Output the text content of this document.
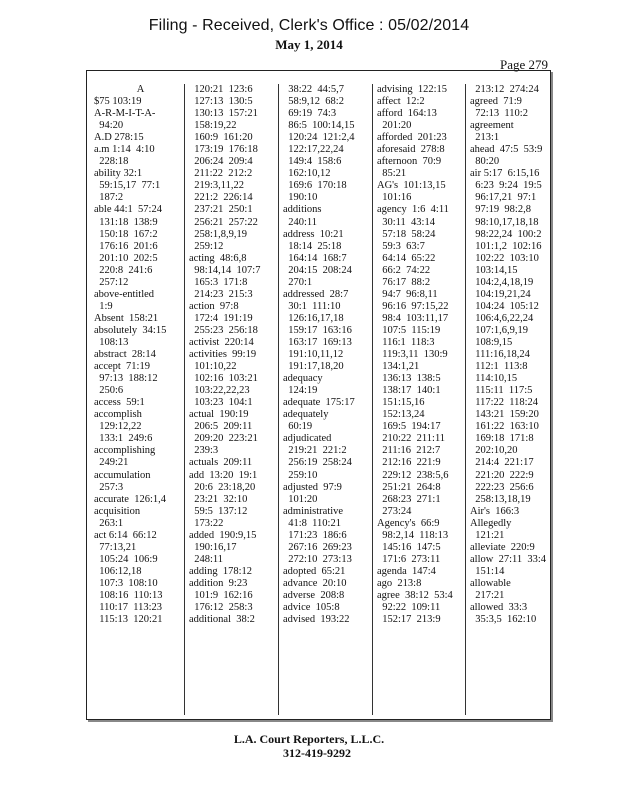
Filing - Received, Clerk's Office : 05/02/2014
May 1, 2014
Page 279
A
$75 103:19
A-R-M-I-T-A-
94:20
A.D 278:15
a.m 1:14  4:10
228:18
ability 32:1
59:15,17  77:1
187:2
able 44:1  57:24
131:18  138:9
150:18  167:2
176:16  201:6
201:10  202:5
220:8  241:6
257:12
above-entitled
1:9
Absent  158:21
absolutely  34:15
108:13
abstract  28:14
accept  71:19
97:13  188:12
250:6
access  59:1
accomplish
129:12,22
133:1  249:6
accomplishing
249:21
accumulation
257:3
accurate  126:1,4
acquisition
263:1
act 6:14  66:12
77:13,21
105:24  106:9
106:12,18
107:3  108:10
108:16  110:13
110:17  113:23
115:13  120:21
120:21  123:6
127:13  130:5
130:13  157:21
158:19,22
160:9  161:20
173:19  176:18
206:24  209:4
211:22  212:2
219:3,11,22
221:2  226:14
237:21  250:1
256:21  257:22
258:1,8,9,19
259:12
acting  48:6,8
98:14,14  107:7
165:3  171:8
214:23  215:3
action  97:8
172:4  191:19
255:23  256:18
activist  220:14
activities  99:19
101:10,22
102:16  103:21
103:22,22,23
103:23  104:1
actual  190:19
206:5  209:11
209:20  223:21
239:3
actuals  209:11
add  13:20  19:1
20:6  23:18,20
23:21  32:10
59:5  137:12
173:22
added  190:9,15
190:16,17
248:11
adding  178:12
addition  9:23
101:9  162:16
176:12  258:3
additional  38:2
38:22  44:5,7
58:9,12  68:2
69:19  74:3
86:5  100:14,15
120:24  121:2,4
122:17,22,24
149:4  158:6
162:10,12
169:6  170:18
190:10
additions
240:11
address  10:21
18:14  25:18
164:14  168:7
204:15  208:24
270:1
addressed  28:7
30:1  111:10
126:16,17,18
159:17  163:16
163:17  169:13
191:10,11,12
191:17,18,20
adequacy
124:19
adequate  175:17
adequately
60:19
adjudicated
219:21  221:2
256:19  258:24
259:10
adjusted  97:9
101:20
administrative
41:8  110:21
171:23  186:6
267:16  269:23
272:10  273:13
adopted  65:21
advance  20:10
adverse  208:8
advice  105:8
advised  193:22
advising  122:15
affect  12:2
afford  164:13
201:20
afforded  201:23
aforesaid  278:8
afternoon  70:9
85:21
AG's  101:13,15
101:16
agency  1:6  4:11
30:11  43:14
57:18  58:24
59:3  63:7
64:14  65:22
66:2  74:22
76:17  88:2
94:7  96:8,11
96:16  97:15,22
98:4  103:11,17
107:5  115:19
116:1  118:3
119:3,11  130:9
134:1,21
136:13  138:5
138:17  140:1
151:15,16
152:13,24
169:5  194:17
210:22  211:11
211:16  212:7
212:16  221:9
229:12  238:5,6
251:21  264:8
268:23  271:1
273:24
Agency's  66:9
98:2,14  118:13
145:16  147:5
171:6  273:11
agenda  147:4
ago  213:8
agree  38:12  53:4
92:22  109:11
152:17  213:9
213:12  274:24
agreed  71:9
72:13  110:2
agreement
213:1
ahead  47:5  53:9
80:20
air 5:17  6:15,16
6:23  9:24  19:5
96:17,21  97:1
97:19  98:2,8
98:10,17,18,18
98:22,24  100:2
101:1,2  102:16
102:22  103:10
103:14,15
104:2,4,18,19
104:19,21,24
104:24  105:12
106:4,6,22,24
107:1,6,9,19
108:9,15
111:16,18,24
112:1  113:8
114:10,15
115:11  117:5
117:22  118:24
143:21  159:20
161:22  163:10
169:18  171:8
202:10,20
214:4  221:17
221:20  222:9
222:23  256:6
258:13,18,19
Air's  166:3
Allegedly
121:21
alleviate  220:9
allow  27:11  33:4
151:14
allowable
217:21
allowed  33:3
35:3,5  162:10
L.A. Court Reporters, L.L.C.
312-419-9292
